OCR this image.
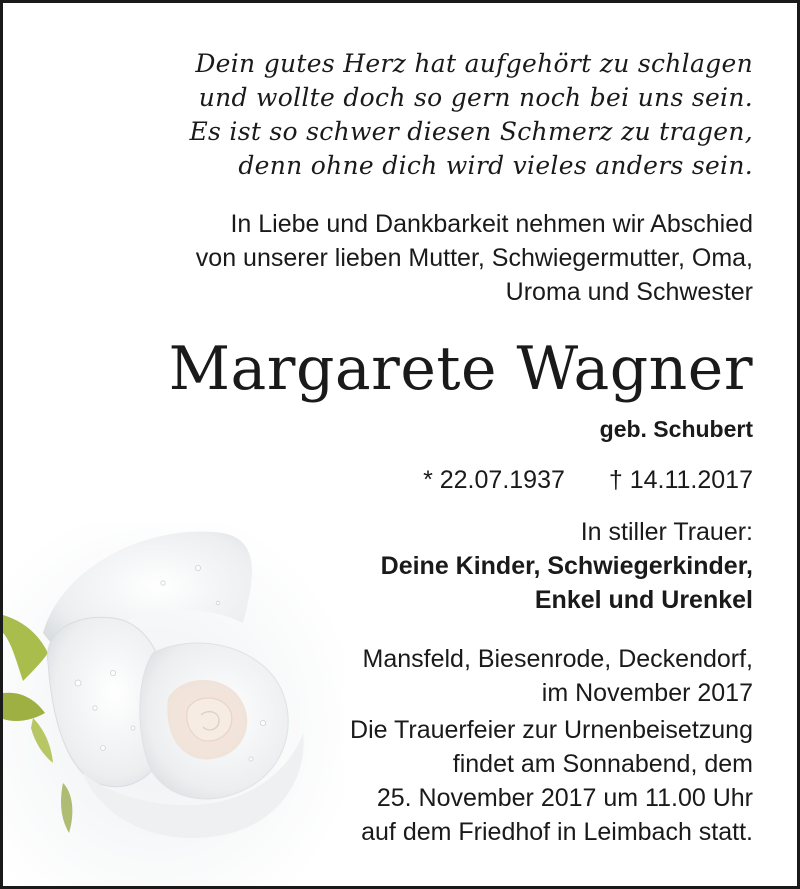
Dein gutes Herz hat aufgehört zu schlagen
und wollte doch so gern noch bei uns sein.
Es ist so schwer diesen Schmerz zu tragen,
denn ohne dich wird vieles anders sein.
In Liebe und Dankbarkeit nehmen wir Abschied
von unserer lieben Mutter, Schwiegermutter, Oma,
Uroma und Schwester
Margarete Wagner
geb. Schubert
* 22.07.1937 † 14.11.2017
In stiller Trauer:
Deine Kinder, Schwiegerkinder,
Enkel und Urenkel
Mansfeld, Biesenrode, Deckendorf,
im November 2017
Die Trauerfeier zur Urnenbeisetzung
findet am Sonnabend, dem
25. November 2017 um 11.00 Uhr
auf dem Friedhof in Leimbach statt.
